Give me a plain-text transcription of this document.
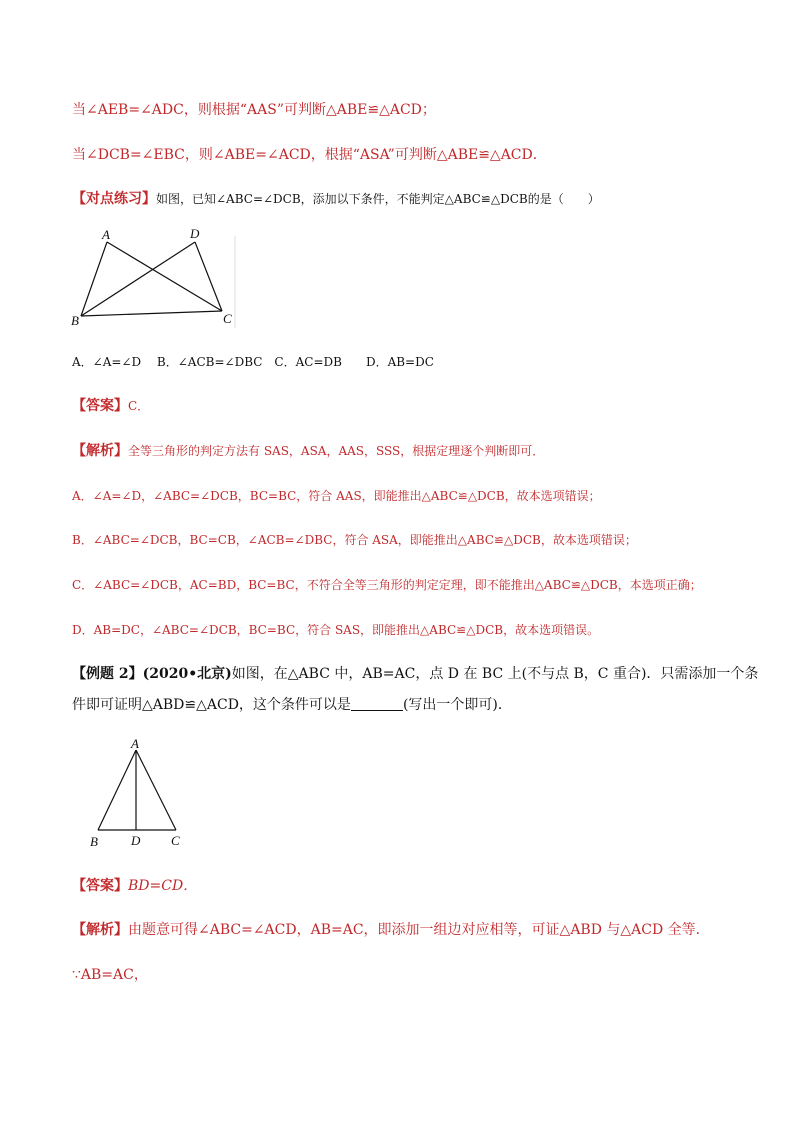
当∠AEB=∠ADC，则根据“AAS”可判断△ABE≌△ACD；
当∠DCB=∠EBC，则∠ABE=∠ACD，根据“ASA”可判断△ABE≌△ACD．
【对点练习】如图，已知∠ABC=∠DCB，添加以下条件，不能判定△ABC≌△DCB的是（　　）
A	D
B	C
A．∠A=∠D　 B．∠ACB=∠DBC　C．AC=DB　　D．AB=DC
【答案】C．
【解析】全等三角形的判定方法有 SAS，ASA，AAS，SSS，根据定理逐个判断即可．
A．∠A=∠D，∠ABC=∠DCB，BC=BC，符合 AAS，即能推出△ABC≌△DCB，故本选项错误；
B．∠ABC=∠DCB，BC=CB，∠ACB=∠DBC，符合 ASA，即能推出△ABC≌△DCB，故本选项错误；
C．∠ABC=∠DCB，AC=BD，BC=BC，不符合全等三角形的判定定理，即不能推出△ABC≌△DCB，本选项正确；
D．AB=DC，∠ABC=∠DCB，BC=BC，符合 SAS，即能推出△ABC≌△DCB，故本选项错误。
【例题 2】(2020•北京)如图，在△ABC 中，AB=AC，点 D 在 BC 上(不与点 B，C 重合)．只需添加一个条
件即可证明△ABD≌△ACD，这个条件可以是	(写出一个即可)．
A
B	D C
【答案】BD=CD．
【解析】由题意可得∠ABC=∠ACD，AB=AC，即添加一组边对应相等，可证△ABD 与△ACD 全等．
∵AB=AC，
